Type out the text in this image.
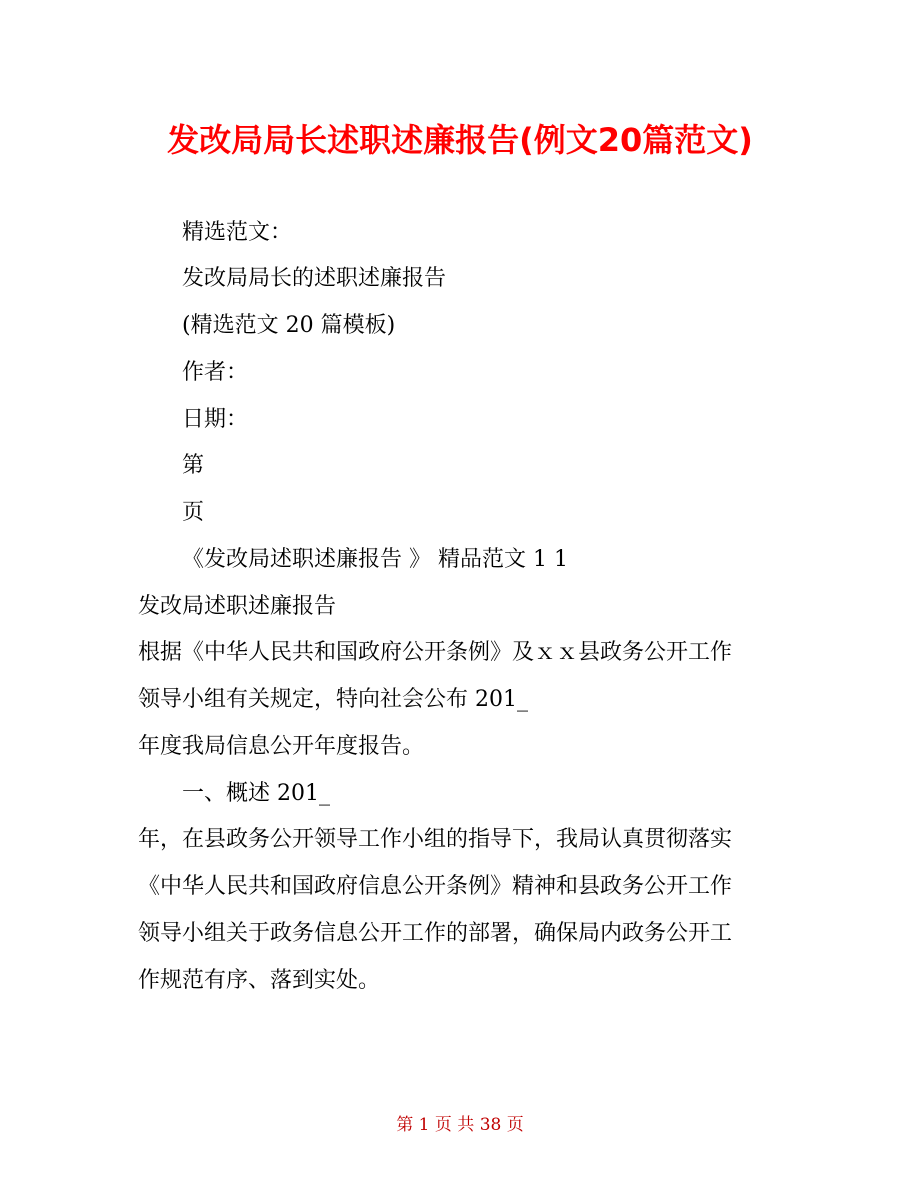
发改局局长述职述廉报告(例文20篇范文)
精选范文：
发改局局长的述职述廉报告
(精选范文 20 篇模板)
作者：
日期：
第
页
《发改局述职述廉报告 》 精品范文 1 1
发改局述职述廉报告
根据《中华人民共和国政府公开条例》及ｘｘ县政务公开工作
领导小组有关规定，特向社会公布 201_
年度我局信息公开年度报告。
一、概述 201_
年，在县政务公开领导工作小组的指导下，我局认真贯彻落实
《中华人民共和国政府信息公开条例》精神和县政务公开工作
领导小组关于政务信息公开工作的部署，确保局内政务公开工
作规范有序、落到实处。
第 1 页 共 38 页
